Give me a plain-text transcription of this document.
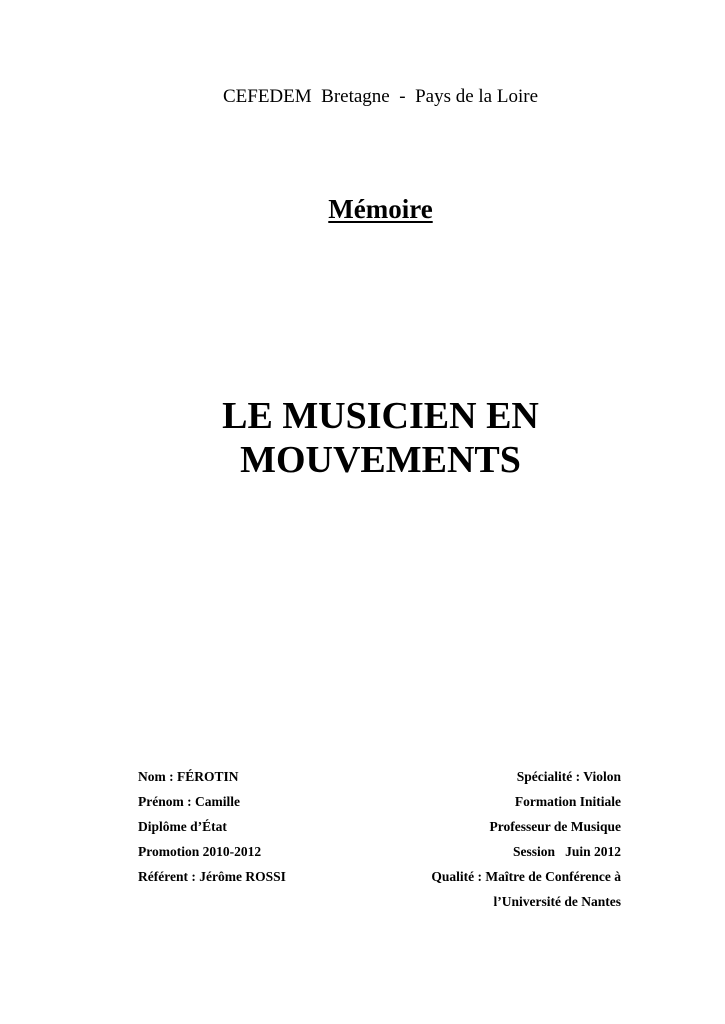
CEFEDEM  Bretagne  -  Pays de la Loire
Mémoire
LE MUSICIEN EN
MOUVEMENTS
Nom : FÉROTIN
Prénom : Camille
Diplôme d’État
Promotion 2010-2012
Référent : Jérôme ROSSI
Spécialité : Violon
Formation Initiale
Professeur de Musique
Session   Juin 2012
Qualité : Maître de Conférence à
l’Université de Nantes
